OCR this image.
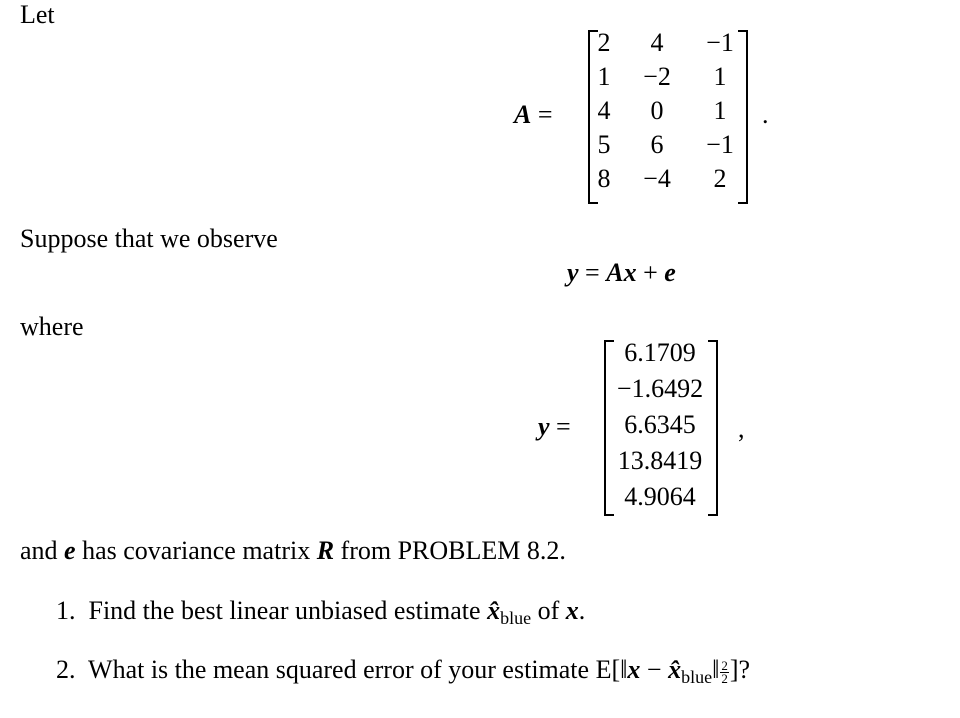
Let
A =
2	4	−1
1	−2	1
4	0	1
5	6	−1
8	−4	2
.
Suppose that we observe
y = Ax + e
where
y =
6.1709
−1.6492
6.6345
13.8419
4.9064
,
and e has covariance matrix R from PROBLEM 8.2.
1. Find the best linear unbiased estimate $x̂_{blue}$ of x.
2. What is the mean squared error of your estimate E[‖x − $x̂_{blue}‖ \frac{2}{2}$ ]?
